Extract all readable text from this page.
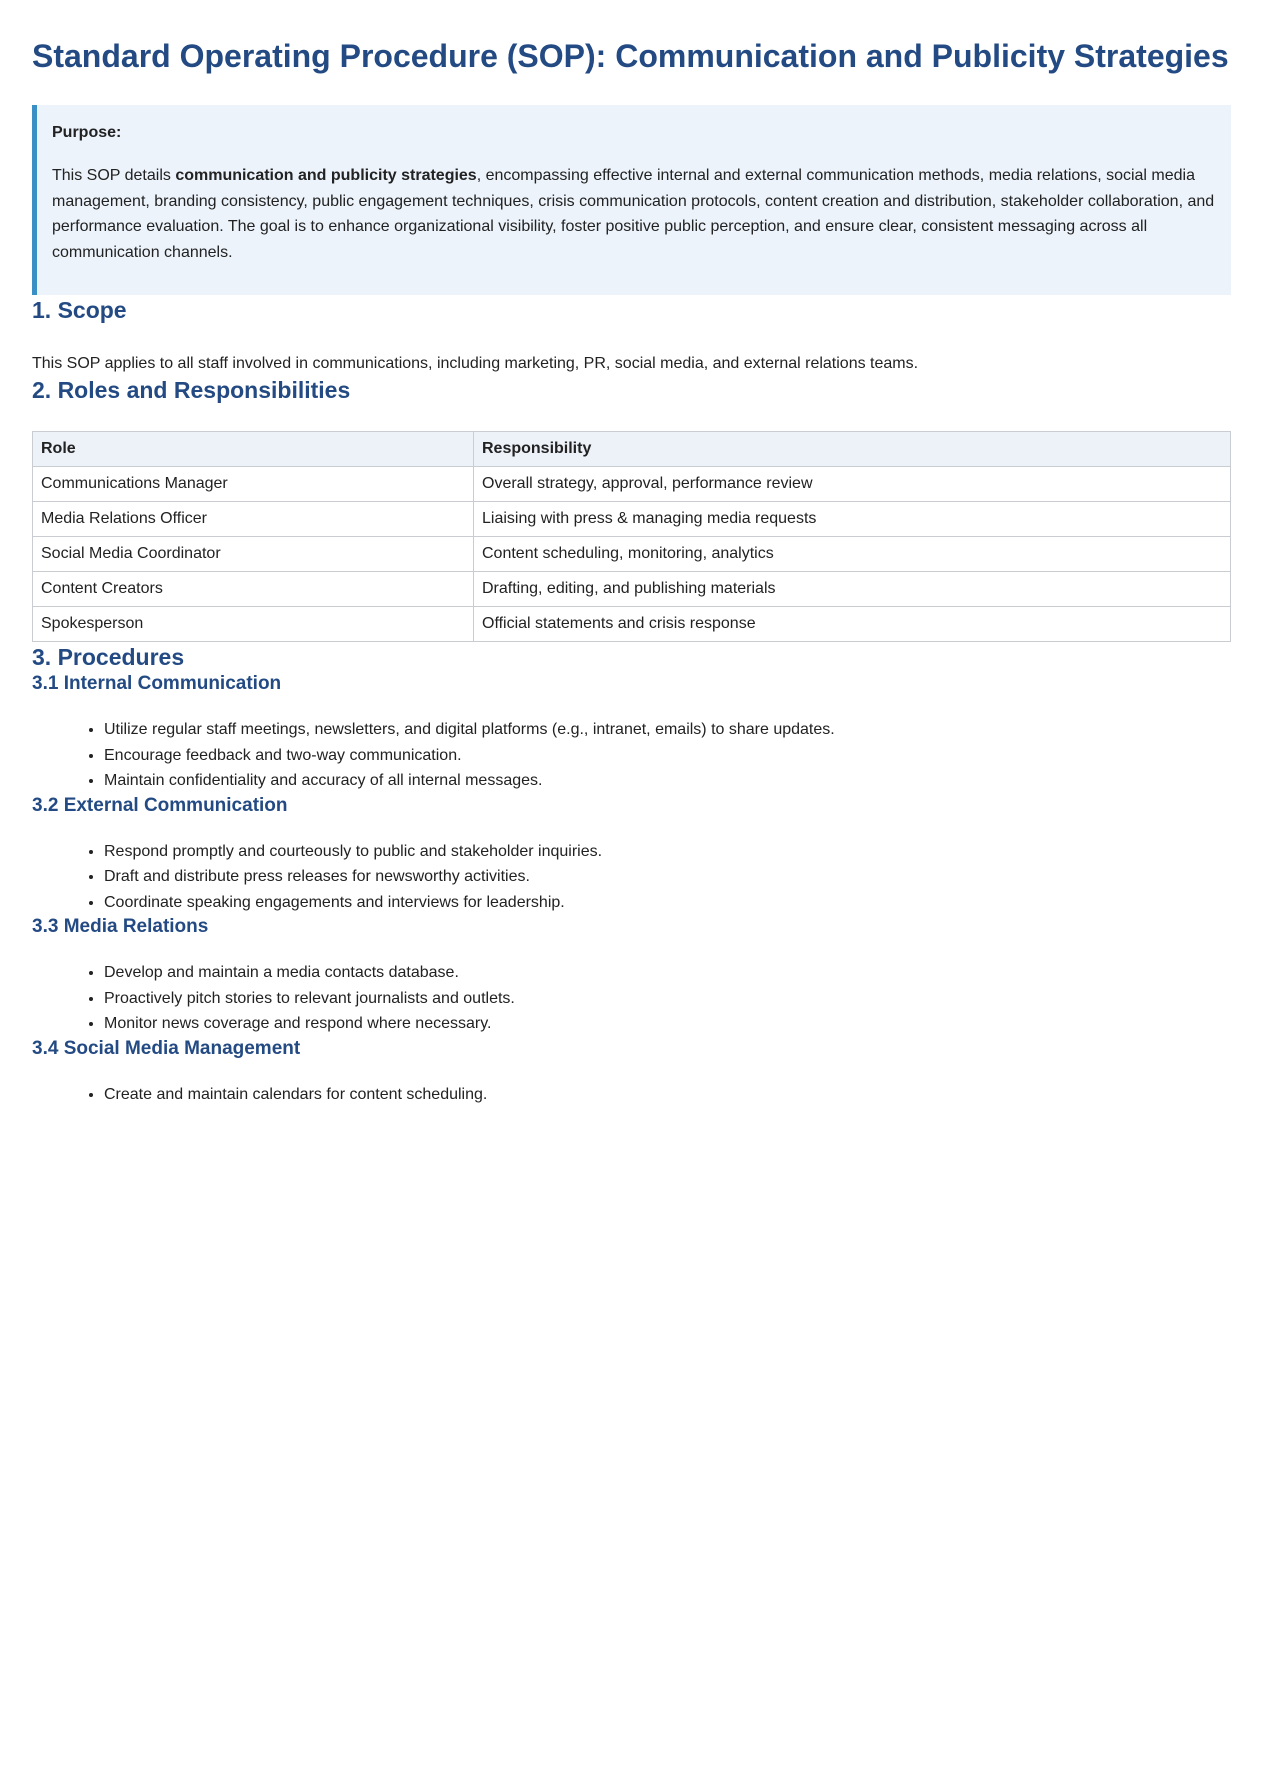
Standard Operating Procedure (SOP): Communication and Publicity Strategies

Purpose:

This SOP details communication and publicity strategies, encompassing effective internal and external communication methods, media relations, social media management, branding consistency, public engagement techniques, crisis communication protocols, content creation and distribution, stakeholder collaboration, and performance evaluation. The goal is to enhance organizational visibility, foster positive public perception, and ensure clear, consistent messaging across all communication channels.

1. Scope

This SOP applies to all staff involved in communications, including marketing, PR, social media, and external relations teams.

2. Roles and Responsibilities
Role	Responsibility
Communications Manager	Overall strategy, approval, performance review
Media Relations Officer	Liaising with press & managing media requests
Social Media Coordinator	Content scheduling, monitoring, analytics
Content Creators	Drafting, editing, and publishing materials
Spokesperson	Official statements and crisis response
3. Procedures
3.1 Internal Communication
• Utilize regular staff meetings, newsletters, and digital platforms (e.g., intranet, emails) to share updates.
• Encourage feedback and two-way communication.
• Maintain confidentiality and accuracy of all internal messages.
3.2 External Communication
• Respond promptly and courteously to public and stakeholder inquiries.
• Draft and distribute press releases for newsworthy activities.
• Coordinate speaking engagements and interviews for leadership.
3.3 Media Relations
• Develop and maintain a media contacts database.
• Proactively pitch stories to relevant journalists and outlets.
• Monitor news coverage and respond where necessary.
3.4 Social Media Management
• Create and maintain calendars for content scheduling.
